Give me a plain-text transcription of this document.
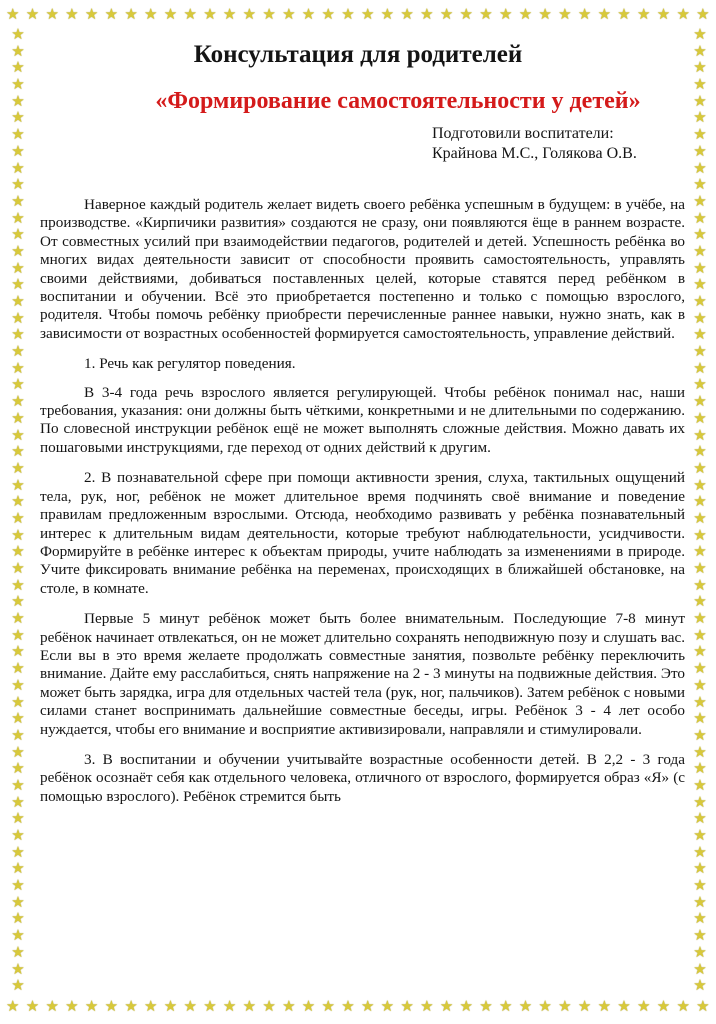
★ ★ ★ ★ ★ ★ ★ ★ ★ ★ ★ ★ ★ ★ ★ ★ ★ ★ ★ ★ ★ ★ ★ ★ ★ ★ ★ ★ ★ ★ ★ ★ ★ ★ ★ ★
★ ★ ★ ★ ★ ★ ★ ★ ★ ★ ★ ★ ★ ★ ★ ★ ★ ★ ★ ★ ★ ★ ★ ★ ★ ★ ★ ★ ★ ★ ★ ★ ★ ★ ★ ★
★
★
★
★
★
★
★
★
★
★
★
★
★
★
★
★
★
★
★
★
★
★
★
★
★
★
★
★
★
★
★
★
★
★
★
★
★
★
★
★
★
★
★
★
★
★
★
★
★
★
★
★
★
★
★
★
★
★
★
★
★
★
★
★
★
★
★
★
★
★
★
★
★
★
★
★
★
★
★
★
★
★
★
★
★
★
★
★
★
★
★
★
★
★
★
★
★
★
★
★
★
★
★
★
★
★
★
★
★
★
★
★
★
★
★
★
Консультация для родителей
«Формирование самостоятельности у детей»
Подготовили воспитатели:
Крайнова М.С., Голякова О.В.

Наверное каждый родитель желает видеть своего ребёнка успешным в будущем: в учёбе, на производстве. «Кирпичики развития» создаются не сразу, они появляются ёще в раннем возрасте. От совместных усилий при взаимодействии педагогов, родителей и детей. Успешность ребёнка во многих видах деятельности зависит от способности проявить самостоятельность, управлять своими действиями, добиваться поставленных целей, которые ставятся перед ребёнком в воспитании и обучении. Всё это приобретается постепенно и только с помощью взрослого, родителя. Чтобы помочь ребёнку приобрести перечисленные раннее навыки, нужно знать, как в зависимости от возрастных особенностей формируется самостоятельность, управление действий.

1. Речь как регулятор поведения.

В 3-4 года речь взрослого является регулирующей. Чтобы ребёнок понимал нас, наши требования, указания: они должны быть чёткими, конкретными и не длительными по содержанию. По словесной инструкции ребёнок ещё не может выполнять сложные действия. Можно давать их пошаговыми инструкциями, где переход от одних действий к другим.

2. В познавательной сфере при помощи активности зрения, слуха, тактильных ощущений тела, рук, ног, ребёнок не может длительное время подчинять своё внимание и поведение правилам предложенным взрослыми. Отсюда, необходимо развивать у ребёнка познавательный интерес к длительным видам деятельности, которые требуют наблюдательности, усидчивости. Формируйте в ребёнке интерес к объектам природы, учите наблюдать за изменениями в природе. Учите фиксировать внимание ребёнка на переменах, происходящих в ближайшей обстановке, на столе, в комнате.

Первые 5 минут ребёнок может быть более внимательным. Последующие 7-8 минут ребёнок начинает отвлекаться, он не может длительно сохранять неподвижную позу и слушать вас. Если вы в это время желаете продолжать совместные занятия, позвольте ребёнку переключить внимание. Дайте ему расслабиться, снять напряжение на 2 - 3 минуты на подвижные действия. Это может быть зарядка, игра для отдельных частей тела (рук, ног, пальчиков). Затем ребёнок с новыми силами станет воспринимать дальнейшие совместные беседы, игры. Ребёнок 3 - 4 лет особо нуждается, чтобы его внимание и восприятие активизировали, направляли и стимулировали.

3. В воспитании и обучении учитывайте возрастные особенности детей. В 2,2 - 3 года ребёнок осознаёт себя как отдельного человека, отличного от взрослого, формируется образ «Я» (с помощью взрослого). Ребёнок стремится быть
